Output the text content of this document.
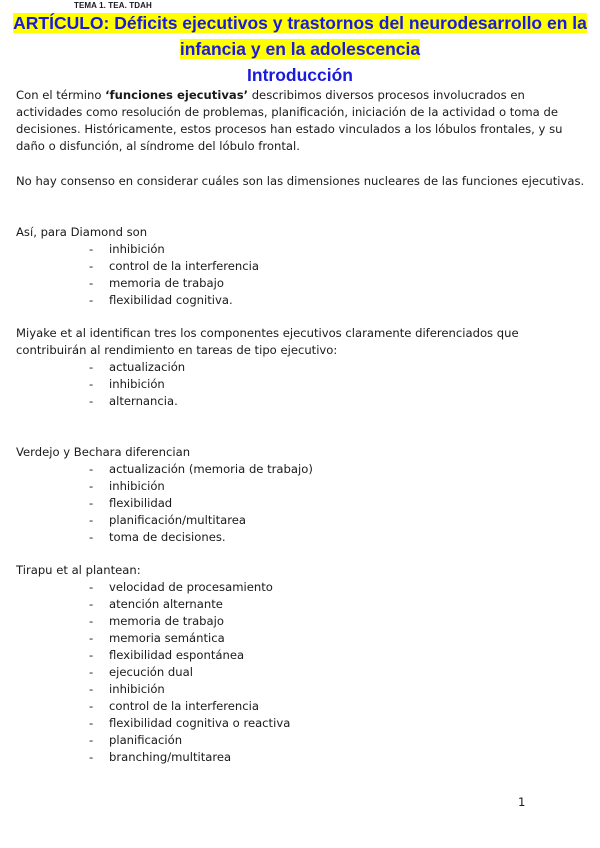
TEMA 1. TEA. TDAH
ARTÍCULO: Déficits ejecutivos y trastornos del neurodesarrollo en la
infancia y en la adolescencia
Introducción
Con el término ‘funciones ejecutivas’ describimos diversos procesos involucrados en actividades como resolución de problemas, planificación, iniciación de la actividad o toma de decisiones. Históricamente, estos procesos han estado vinculados a los lóbulos frontales, y su daño o disfunción, al síndrome del lóbulo frontal.
No hay consenso en considerar cuáles son las dimensiones nucleares de las funciones ejecutivas.
Así, para Diamond son
- inhibición
- control de la interferencia
- memoria de trabajo
- flexibilidad cognitiva.
Miyake et al identifican tres los componentes ejecutivos claramente diferenciados que contribuirán al rendimiento en tareas de tipo ejecutivo:
- actualización
- inhibición
- alternancia.
Verdejo y Bechara diferencian
- actualización (memoria de trabajo)
- inhibición
- flexibilidad
- planificación/multitarea
- toma de decisiones.
Tirapu et al plantean:
- velocidad de procesamiento
- atención alternante
- memoria de trabajo
- memoria semántica
- flexibilidad espontánea
- ejecución dual
- inhibición
- control de la interferencia
- flexibilidad cognitiva o reactiva
- planificación
- branching/multitarea
1
